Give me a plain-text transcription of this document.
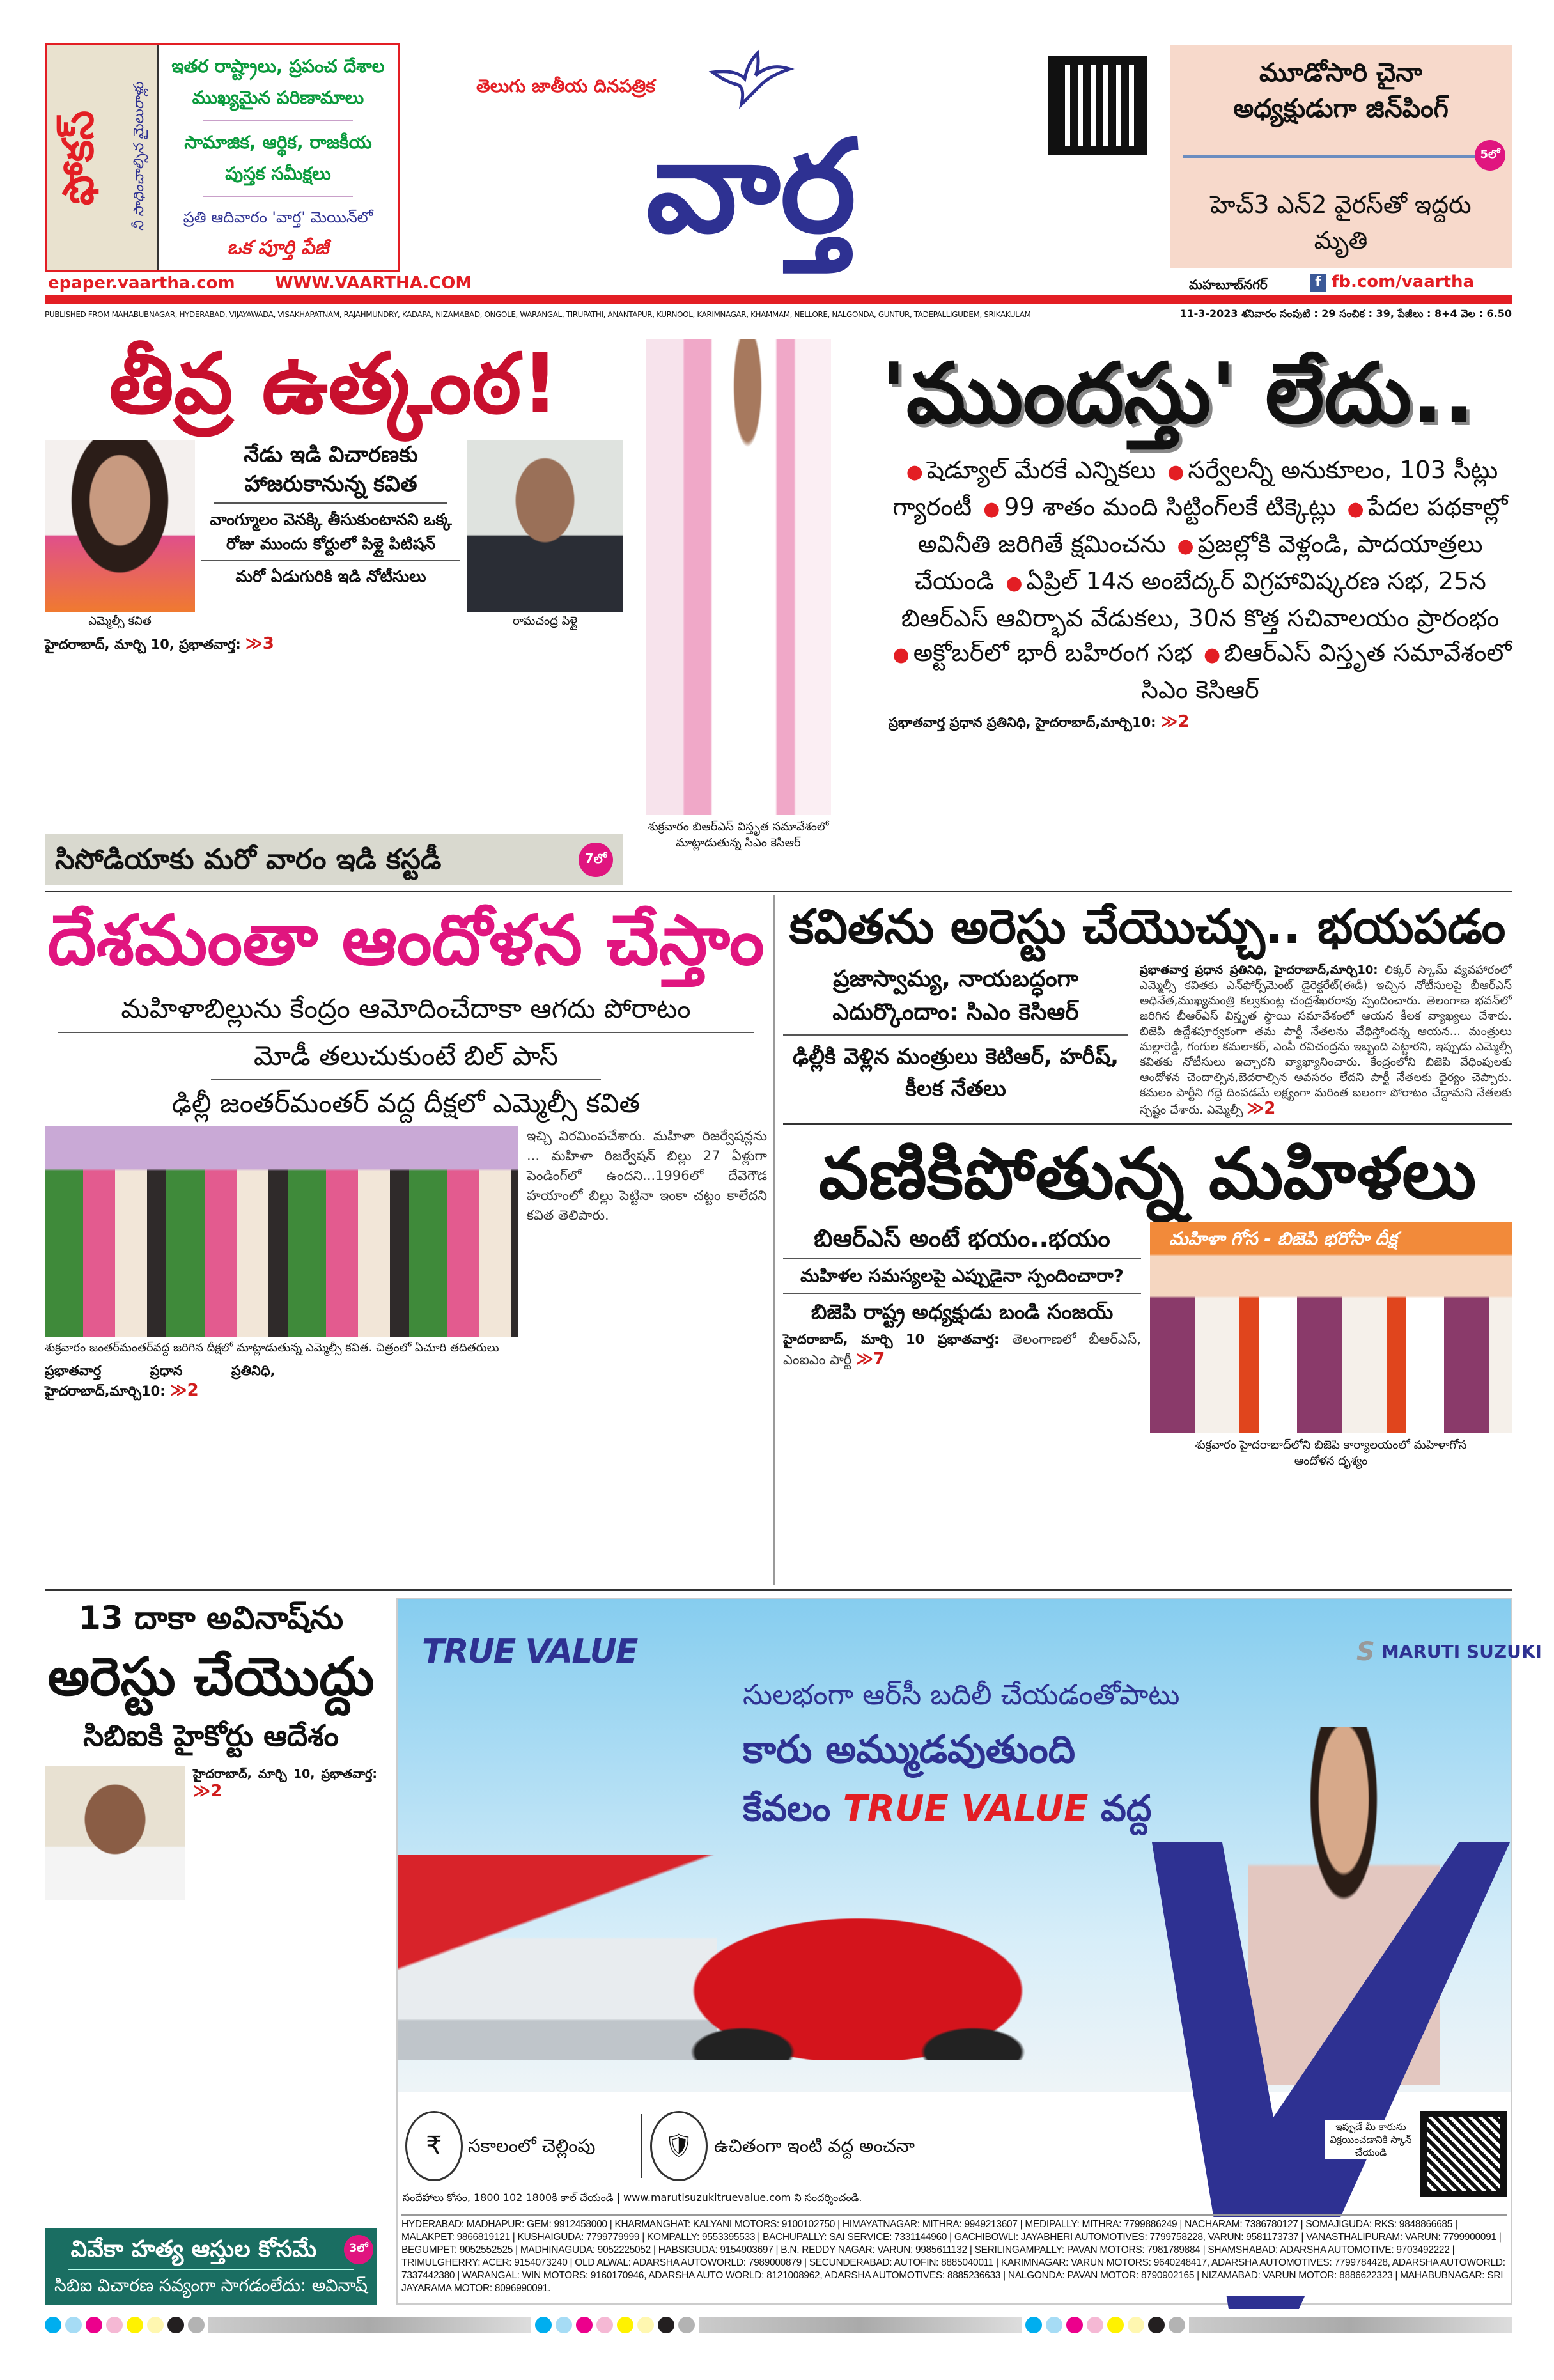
ఫోకస్ నీ సాధించాల్సిన మైలురాళ్లు
ఇతర రాష్ట్రాలు, ప్రపంచ దేశాల
ముఖ్యమైన పరిణామాలు
సామాజిక, ఆర్థిక, రాజకీయ
పుస్తక సమీక్షలు
ప్రతి ఆదివారం 'వార్త' మెయిన్‌లో
ఒక పూర్తి పేజీ
తెలుగు జాతీయ దినపత్రిక
వార్త
మూడోసారి చైనా అధ్యక్షుడుగా జిన్‌పింగ్
5లో
హెచ్3 ఎన్2 వైరస్‌తో ఇద్దరు మృతి
epaper.vaartha.com WWW.VAARTHA.COM	మహబూబ్‌నగర్	f fb.com/vaartha
PUBLISHED FROM MAHABUBNAGAR, HYDERABAD, VIJAYAWADA, VISAKHAPATNAM, RAJAHMUNDRY, KADAPA, NIZAMABAD, ONGOLE, WARANGAL, TIRUPATHI, ANANTAPUR, KURNOOL, KARIMNAGAR, KHAMMAM, NELLORE, NALGONDA, GUNTUR, TADEPALLIGUDEM, SRIKAKULAM	11-3-2023 శనివారం సంపుటి : 29 సంచిక : 39, పేజీలు : 8+4 వెల : 6.50
తీవ్ర ఉత్కంఠ!
ఎమ్మెల్సీ కవిత
నేడు ఇడి విచారణకు హాజరుకానున్న కవిత
వాంగ్మూలం వెనక్కి తీసుకుంటానని ఒక్క రోజు ముందు కోర్టులో పిళ్లై పిటిషన్
మరో ఏడుగురికి ఇడి నోటీసులు
రామచంద్ర పిళ్లై
హైదరాబాద్, మార్చి 10, ప్రభాతవార్త: ≫3
సిసోడియాకు మరో వారం ఇడి కస్టడీ	7లో
శుక్రవారం బిఆర్‌ఎస్ విస్తృత సమావేశంలో మాట్లాడుతున్న సిఎం కెసిఆర్
'ముందస్తు' లేదు..
● షెడ్యూల్ మేరకే ఎన్నికలు ● సర్వేలన్నీ అనుకూలం, 103 సీట్లు గ్యారంటీ ● 99 శాతం మంది సిట్టింగ్‌లకే టిక్కెట్లు ● పేదల పథకాల్లో అవినీతి జరిగితే క్షమించను ● ప్రజల్లోకి వెళ్లండి, పాదయాత్రలు చేయండి ● ఏప్రిల్ 14న అంబేద్కర్ విగ్రహావిష్కరణ సభ, 25న బిఆర్‌ఎస్ ఆవిర్భావ వేడుకలు, 30న కొత్త సచివాలయం ప్రారంభం ● అక్టోబర్‌లో భారీ బహిరంగ సభ ● బిఆర్‌ఎస్ విస్తృత సమావేశంలో సిఎం కెసిఆర్
ప్రభాతవార్త ప్రధాన ప్రతినిధి, హైదరాబాద్,మార్చి10: ≫2
దేశమంతా ఆందోళన చేస్తాం
మహిళాబిల్లును కేంద్రం ఆమోదించేదాకా ఆగదు పోరాటం
మోడీ తలుచుకుంటే బిల్ పాస్
ఢిల్లీ జంతర్‌మంతర్ వద్ద దీక్షలో ఎమ్మెల్సీ కవిత
శుక్రవారం జంతర్‌మంతర్‌వద్ద జరిగిన దీక్షలో మాట్లాడుతున్న ఎమ్మెల్సీ కవిత. చిత్రంలో ఏచూరి తదితరులు
ఇచ్చి విరమింపచేశారు. మహిళా రిజర్వేషన్లను ... మహిళా రిజర్వేషన్ బిల్లు 27 ఏళ్లుగా పెండింగ్‌లో ఉందని...1996లో దేవెగౌడ హయాంలో బిల్లు పెట్టినా ఇంకా చట్టం కాలేదని కవిత తెలిపారు.
ప్రభాతవార్త ప్రధాన ప్రతినిధి, హైదరాబాద్,మార్చి10: ≫2
కవితను అరెస్టు చేయొచ్చు.. భయపడం
ప్రజాస్వామ్య, నాయబద్ధంగా ఎదుర్కొందాం: సిఎం కెసిఆర్
ఢిల్లీకి వెళ్లిన మంత్రులు కెటిఆర్, హరీష్, కీలక నేతలు
ప్రభాతవార్త ప్రధాన ప్రతినిధి, హైదరాబాద్,మార్చి10: లిక్కర్ స్కామ్ వ్యవహారంలో ఎమ్మెల్సీ కవితకు ఎన్‌ఫోర్స్‌మెంట్ డైరెక్టరేట్(ఈడీ) ఇచ్చిన నోటీసులపై బీఆర్ఎస్ అధినేత,ముఖ్యమంత్రి కల్వకుంట్ల చంద్రశేఖరరావు స్పందించారు. తెలంగాణ భవన్‌లో జరిగిన బీఆర్ఎస్ విస్తృత స్థాయి సమావేశంలో ఆయన కీలక వ్యాఖ్యలు చేశారు. బిజెపి ఉద్దేశపూర్వకంగా తమ పార్టీ నేతలను వేధిస్తోందన్న ఆయన... మంత్రులు మల్లారెడ్డి, గంగుల కమలాకర్, ఎంపీ రవిచంద్రను ఇబ్బంది పెట్టారని, ఇప్పుడు ఎమ్మెల్సీ కవితకు నోటీసులు ఇచ్చారని వ్యాఖ్యానించారు. కేంద్రంలోని బిజెపి వేధింపులకు ఆందోళన చెందాల్సిన,బెదరాల్సిన అవసరం లేదని పార్టీ నేతలకు ధైర్యం చెప్పారు. కమలం పార్టీని గద్దె దింపడమే లక్ష్యంగా మరింత బలంగా పోరాటం చేద్దామని నేతలకు స్పష్టం చేశారు. ఎమ్మెల్సీ ≫2
వణికిపోతున్న మహిళలు
బిఆర్‌ఎస్ అంటే భయం..భయం
మహిళల సమస్యలపై ఎప్పుడైనా స్పందించారా?
బిజెపి రాష్ట్ర అధ్యక్షుడు బండి సంజయ్
హైదరాబాద్, మార్చి 10 ప్రభాతవార్త: తెలంగాణలో బీఆర్ఎస్, ఎంఐఎం పార్టీ ≫7
మహిళా గోస - బిజెపి భరోసా దీక్ష
శుక్రవారం హైదరాబాద్‌లోని బిజెపి కార్యాలయంలో మహిళాగోస ఆందోళన దృశ్యం
13 దాకా అవినాష్‌ను
అరెస్టు చేయొద్దు
సిబిఐకి హైకోర్టు ఆదేశం
హైదరాబాద్, మార్చి 10, ప్రభాతవార్త: ≫2
వివేకా హత్య ఆస్తుల కోసమే	3లో
సిబిఐ విచారణ సవ్యంగా సాగడంలేదు: అవినాష్
TRUE VALUE	S MARUTI SUZUKI
సులభంగా ఆర్‌సీ బదిలీ చేయడంతోపాటు
కారు అమ్ముడవుతుంది
కేవలం TRUE VALUE వద్ద
₹	సకాలంలో చెల్లింపు	🛡	ఉచితంగా ఇంటి వద్ద అంచనా
సందేహాలు కోసం, 1800 102 1800కి కాల్ చేయండి | www.marutisuzukitruevalue.com ని సందర్శించండి.
ఇప్పుడే మీ కారును విక్రయించడానికి స్కాన్ చేయండి
HYDERABAD: MADHAPUR: GEM: 9912458000 | KHARMANGHAT: KALYANI MOTORS: 9100102750 | HIMAYATNAGAR: MITHRA: 9949213607 | MEDIPALLY: MITHRA: 7799886249 | NACHARAM: 7386780127 | SOMAJIGUDA: RKS: 9848866685 | MALAKPET: 9866819121 | KUSHAIGUDA: 7799779999 | KOMPALLY: 9553395533 | BACHUPALLY: SAI SERVICE: 7331144960 | GACHIBOWLI: JAYABHERI AUTOMOTIVES: 7799758228, VARUN: 9581173737 | VANASTHALIPURAM: VARUN: 7799900091 | BEGUMPET: 9052552525 | MADHINAGUDA: 9052225052 | HABSIGUDA: 9154903697 | B.N. REDDY NAGAR: VARUN: 9985611132 | SERILINGAMPALLY: PAVAN MOTORS: 7981789884 | SHAMSHABAD: ADARSHA AUTOMOTIVE: 9703492222 | TRIMULGHERRY: ACER: 9154073240 | OLD ALWAL: ADARSHA AUTOWORLD: 7989000879 | SECUNDERABAD: AUTOFIN: 8885040011 | KARIMNAGAR: VARUN MOTORS: 9640248417, ADARSHA AUTOMOTIVES: 7799784428, ADARSHA AUTOWORLD: 7337442380 | WARANGAL: WIN MOTORS: 9160170946, ADARSHA AUTO WORLD: 8121008962, ADARSHA AUTOMOTIVES: 8885236633 | NALGONDA: PAVAN MOTOR: 8790902165 | NIZAMABAD: VARUN MOTOR: 8886622323 | MAHABUBNAGAR: SRI JAYARAMA MOTOR: 8096990091.
